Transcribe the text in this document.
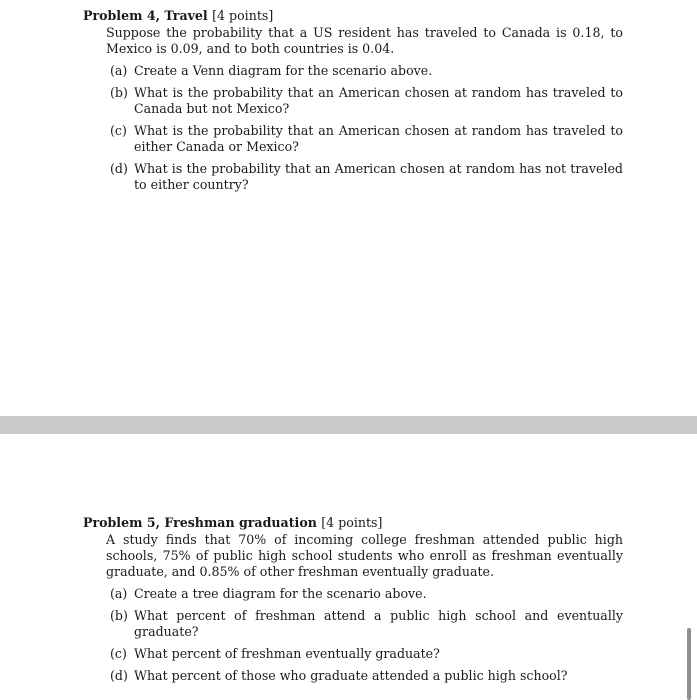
Problem 4, Travel [4 points]
Suppose the probability that a US resident has traveled to Canada is 0.18, to Mexico is 0.09, and to both countries is 0.04.
(a) Create a Venn diagram for the scenario above.
(b) What is the probability that an American chosen at random has traveled to Canada but not Mexico?
(c) What is the probability that an American chosen at random has traveled to either Canada or Mexico?
(d) What is the probability that an American chosen at random has not traveled to either country?
Problem 5, Freshman graduation [4 points]
A study finds that 70% of incoming college freshman attended public high schools, 75% of public high school students who enroll as freshman eventually graduate, and 0.85% of other freshman eventually graduate.
(a) Create a tree diagram for the scenario above.
(b) What percent of freshman attend a public high school and eventually graduate?
(c) What percent of freshman eventually graduate?
(d) What percent of those who graduate attended a public high school?
